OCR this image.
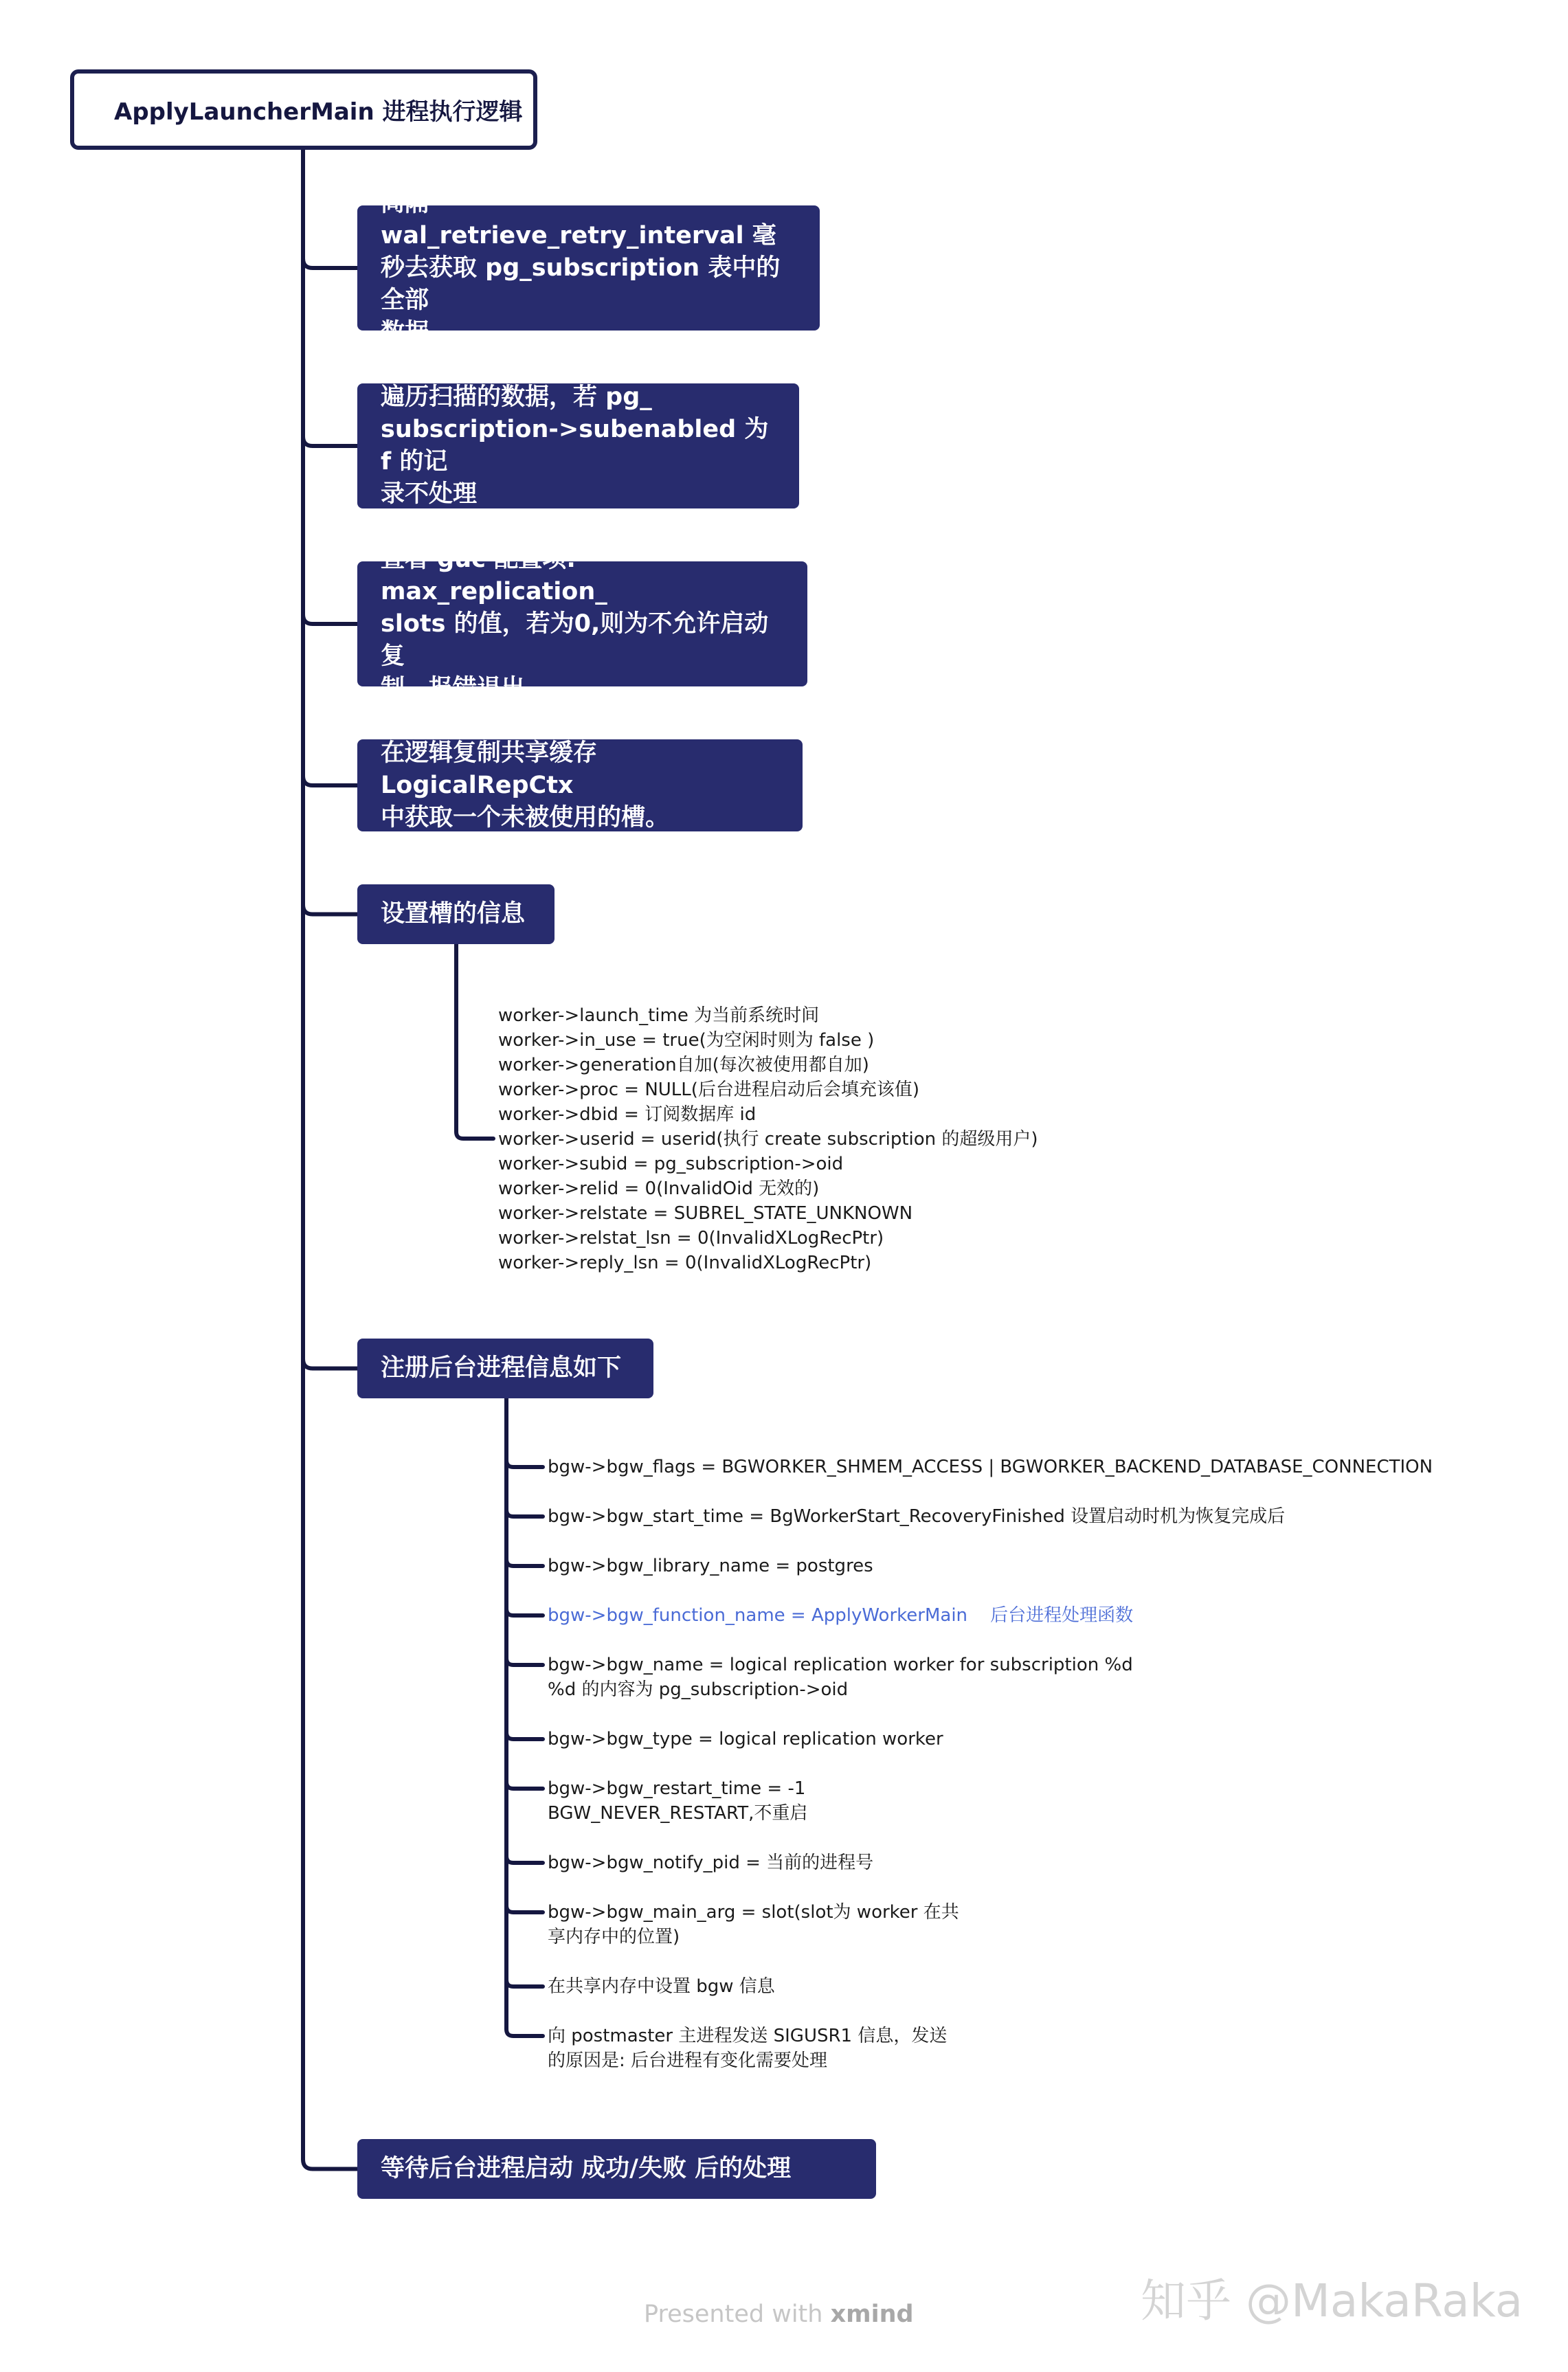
ApplyLauncherMain 进程执行逻辑
间隔 wal_retrieve_retry_interval 毫
秒去获取 pg_subscription 表中的全部
数据
遍历扫描的数据，若 pg_
subscription->subenabled 为 f 的记
录不处理
查看 guc 配置项: max_replication_
slots 的值，若为0,则为不允许启动复
制。报错退出
在逻辑复制共享缓存 LogicalRepCtx
中获取一个未被使用的槽。
设置槽的信息
注册后台进程信息如下
等待后台进程启动 成功/失败 后的处理
worker->launch_time 为当前系统时间
worker->in_use = true(为空闲时则为 false )
worker->generation自加(每次被使用都自加)
worker->proc = NULL(后台进程启动后会填充该值)
worker->dbid = 订阅数据库 id
worker->userid = userid(执行 create subscription 的超级用户)
worker->subid = pg_subscription->oid
worker->relid = 0(InvalidOid 无效的)
worker->relstate = SUBREL_STATE_UNKNOWN
worker->relstat_lsn = 0(InvalidXLogRecPtr)
worker->reply_lsn = 0(InvalidXLogRecPtr)
bgw->bgw_flags = BGWORKER_SHMEM_ACCESS | BGWORKER_BACKEND_DATABASE_CONNECTION
bgw->bgw_start_time = BgWorkerStart_RecoveryFinished 设置启动时机为恢复完成后
bgw->bgw_library_name = postgres
bgw->bgw_function_name = ApplyWorkerMain    后台进程处理函数
bgw->bgw_name = logical replication worker for subscription %d
%d 的内容为 pg_subscription->oid
bgw->bgw_type = logical replication worker
bgw->bgw_restart_time = -1
BGW_NEVER_RESTART,不重启
bgw->bgw_notify_pid = 当前的进程号
bgw->bgw_main_arg = slot(slot为 worker 在共
享内存中的位置)
在共享内存中设置 bgw 信息
向 postmaster 主进程发送 SIGUSR1 信息，发送
的原因是: 后台进程有变化需要处理
Presented with xmind	知乎 @MakaRaka
